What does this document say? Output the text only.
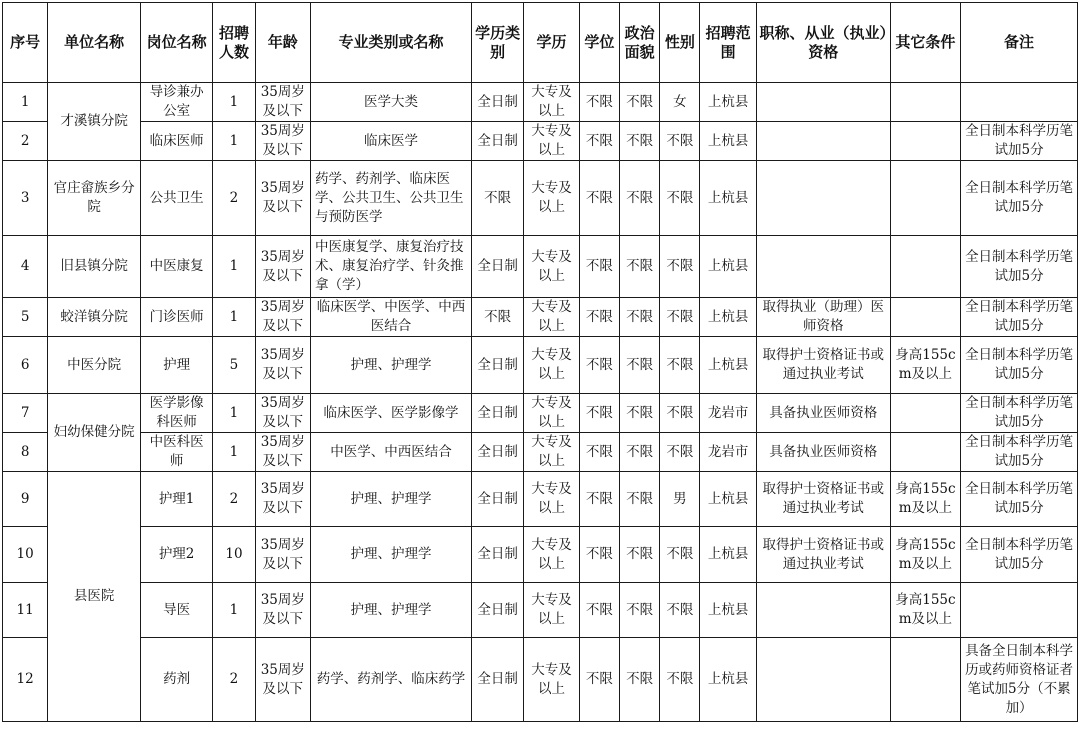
序号	单位名称	岗位名称	招聘人数	年龄	专业类别或名称	学历类别	学历	学位	政治面貌	性别	招聘范围	职称、从业（执业）资格	其它条件	备注
1	才溪镇分院	导诊兼办公室	1	35周岁及以下	医学大类	全日制	大专及以上	不限	不限	女	上杭县			
2		临床医师	1	35周岁及以下	临床医学	全日制	大专及以上	不限	不限	不限	上杭县			全日制本科学历笔试加5分
3	官庄畲族乡分院	公共卫生	2	35周岁及以下	药学、药剂学、临床医学、公共卫生、公共卫生与预防医学	不限	大专及以上	不限	不限	不限	上杭县			全日制本科学历笔试加5分
4	旧县镇分院	中医康复	1	35周岁及以下	中医康复学、康复治疗技术、康复治疗学、针灸推拿（学）	全日制	大专及以上	不限	不限	不限	上杭县			全日制本科学历笔试加5分
5	蛟洋镇分院	门诊医师	1	35周岁及以下	临床医学、中医学、中西医结合	不限	大专及以上	不限	不限	不限	上杭县	取得执业（助理）医师资格		全日制本科学历笔试加5分
6	中医分院	护理	5	35周岁及以下	护理、护理学	全日制	大专及以上	不限	不限	不限	上杭县	取得护士资格证书或通过执业考试	身高155cm及以上	全日制本科学历笔试加5分
7	妇幼保健分院	医学影像科医师	1	35周岁及以下	临床医学、医学影像学	全日制	大专及以上	不限	不限	不限	龙岩市	具备执业医师资格		全日制本科学历笔试加5分
8		中医科医师	1	35周岁及以下	中医学、中西医结合	全日制	大专及以上	不限	不限	不限	龙岩市	具备执业医师资格		全日制本科学历笔试加5分
9	县医院	护理1	2	35周岁及以下	护理、护理学	全日制	大专及以上	不限	不限	男	上杭县	取得护士资格证书或通过执业考试	身高155cm及以上	全日制本科学历笔试加5分
10		护理2	10	35周岁及以下	护理、护理学	全日制	大专及以上	不限	不限	不限	上杭县	取得护士资格证书或通过执业考试	身高155cm及以上	全日制本科学历笔试加5分
11		导医	1	35周岁及以下	护理、护理学	全日制	大专及以上	不限	不限	不限	上杭县		身高155cm及以上	
12		药剂	2	35周岁及以下	药学、药剂学、临床药学	全日制	大专及以上	不限	不限	不限	上杭县			具备全日制本科学历或药师资格证者笔试加5分（不累加）
